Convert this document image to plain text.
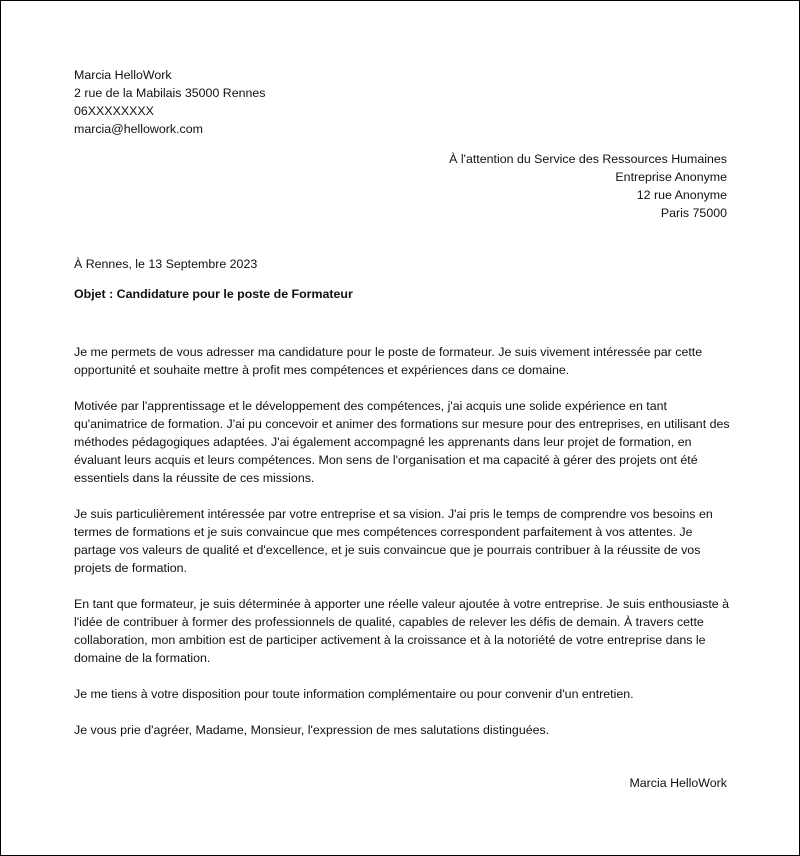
Marcia HelloWork
2 rue de la Mabilais 35000 Rennes
06XXXXXXXX
marcia@hellowork.com
À l'attention du Service des Ressources Humaines
Entreprise Anonyme
12 rue Anonyme
Paris 75000
À Rennes, le 13 Septembre 2023
Objet : Candidature pour le poste de Formateur

Je me permets de vous adresser ma candidature pour le poste de formateur. Je suis vivement intéressée par cette opportunité et souhaite mettre à profit mes compétences et expériences dans ce domaine.

Motivée par l'apprentissage et le développement des compétences, j'ai acquis une solide expérience en tant qu'animatrice de formation. J'ai pu concevoir et animer des formations sur mesure pour des entreprises, en utilisant des méthodes pédagogiques adaptées. J'ai également accompagné les apprenants dans leur projet de formation, en évaluant leurs acquis et leurs compétences. Mon sens de l'organisation et ma capacité à gérer des projets ont été essentiels dans la réussite de ces missions.

Je suis particulièrement intéressée par votre entreprise et sa vision. J'ai pris le temps de comprendre vos besoins en termes de formations et je suis convaincue que mes compétences correspondent parfaitement à vos attentes. Je partage vos valeurs de qualité et d'excellence, et je suis convaincue que je pourrais contribuer à la réussite de vos projets de formation.

En tant que formateur, je suis déterminée à apporter une réelle valeur ajoutée à votre entreprise. Je suis enthousiaste à l'idée de contribuer à former des professionnels de qualité, capables de relever les défis de demain. À travers cette collaboration, mon ambition est de participer activement à la croissance et à la notoriété de votre entreprise dans le domaine de la formation.

Je me tiens à votre disposition pour toute information complémentaire ou pour convenir d'un entretien.

Je vous prie d'agréer, Madame, Monsieur, l'expression de mes salutations distinguées.

Marcia HelloWork
